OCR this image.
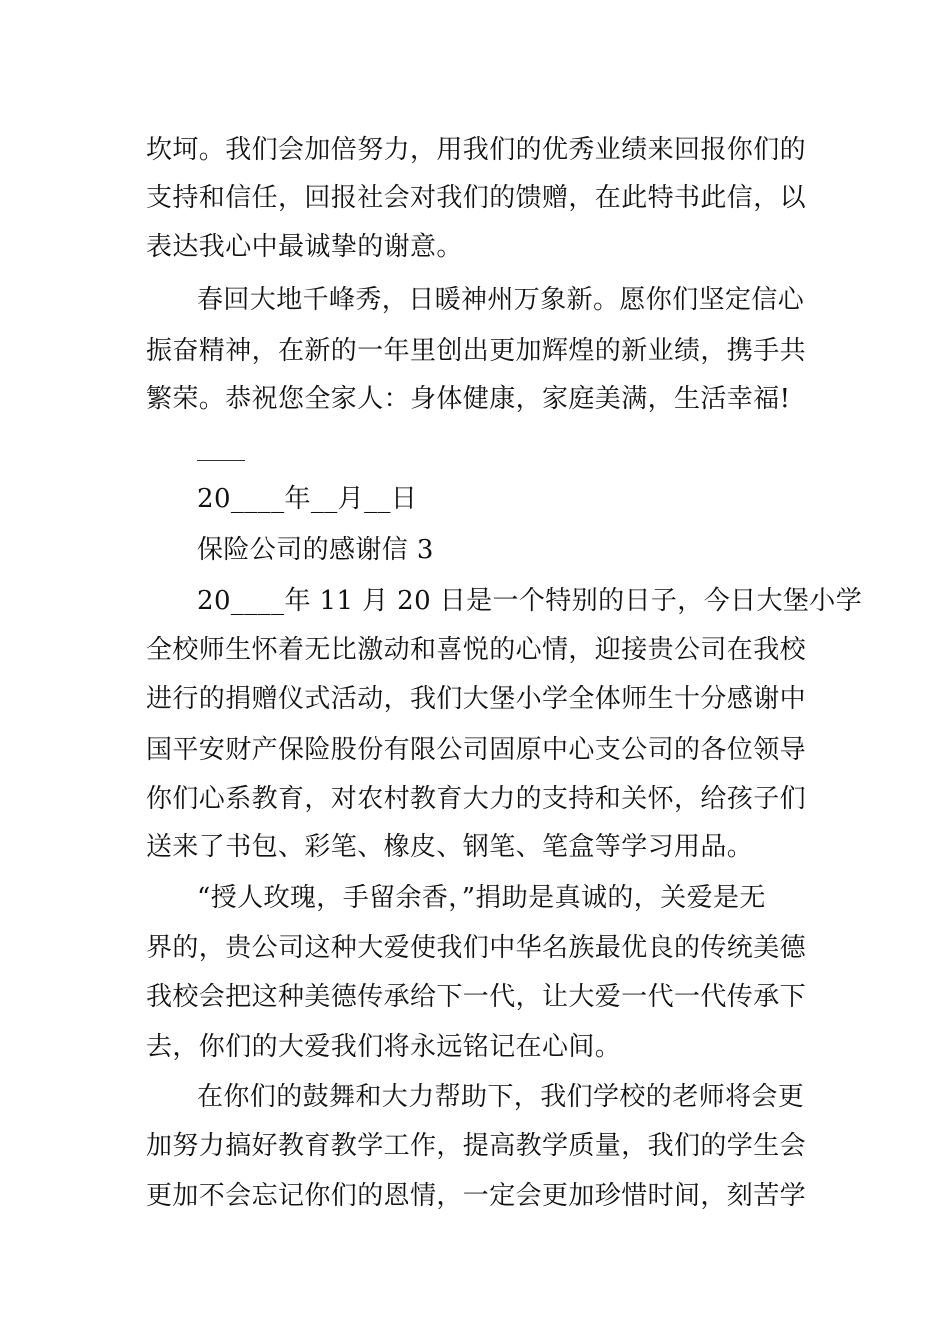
坎坷。我们会加倍努力，用我们的优秀业绩来回报你们的
支持和信任，回报社会对我们的馈赠，在此特书此信，以
表达我心中最诚挚的谢意。
春回大地千峰秀，日暖神州万象新。愿你们坚定信心
振奋精神，在新的一年里创出更加辉煌的新业绩，携手共
繁荣。恭祝您全家人：身体健康，家庭美满，生活幸福!
20____年__月__日
保险公司的感谢信 3
20____年 11 月 20 日是一个特别的日子，今日大堡小学
全校师生怀着无比激动和喜悦的心情，迎接贵公司在我校
进行的捐赠仪式活动，我们大堡小学全体师生十分感谢中
国平安财产保险股份有限公司固原中心支公司的各位领导
你们心系教育，对农村教育大力的支持和关怀，给孩子们
送来了书包、彩笔、橡皮、钢笔、笔盒等学习用品。
“授人玫瑰，手留余香，”捐助是真诚的，关爱是无
界的，贵公司这种大爱使我们中华名族最优良的传统美德
我校会把这种美德传承给下一代，让大爱一代一代传承下
去，你们的大爱我们将永远铭记在心间。
在你们的鼓舞和大力帮助下，我们学校的老师将会更
加努力搞好教育教学工作，提高教学质量，我们的学生会
更加不会忘记你们的恩情，一定会更加珍惜时间，刻苦学
